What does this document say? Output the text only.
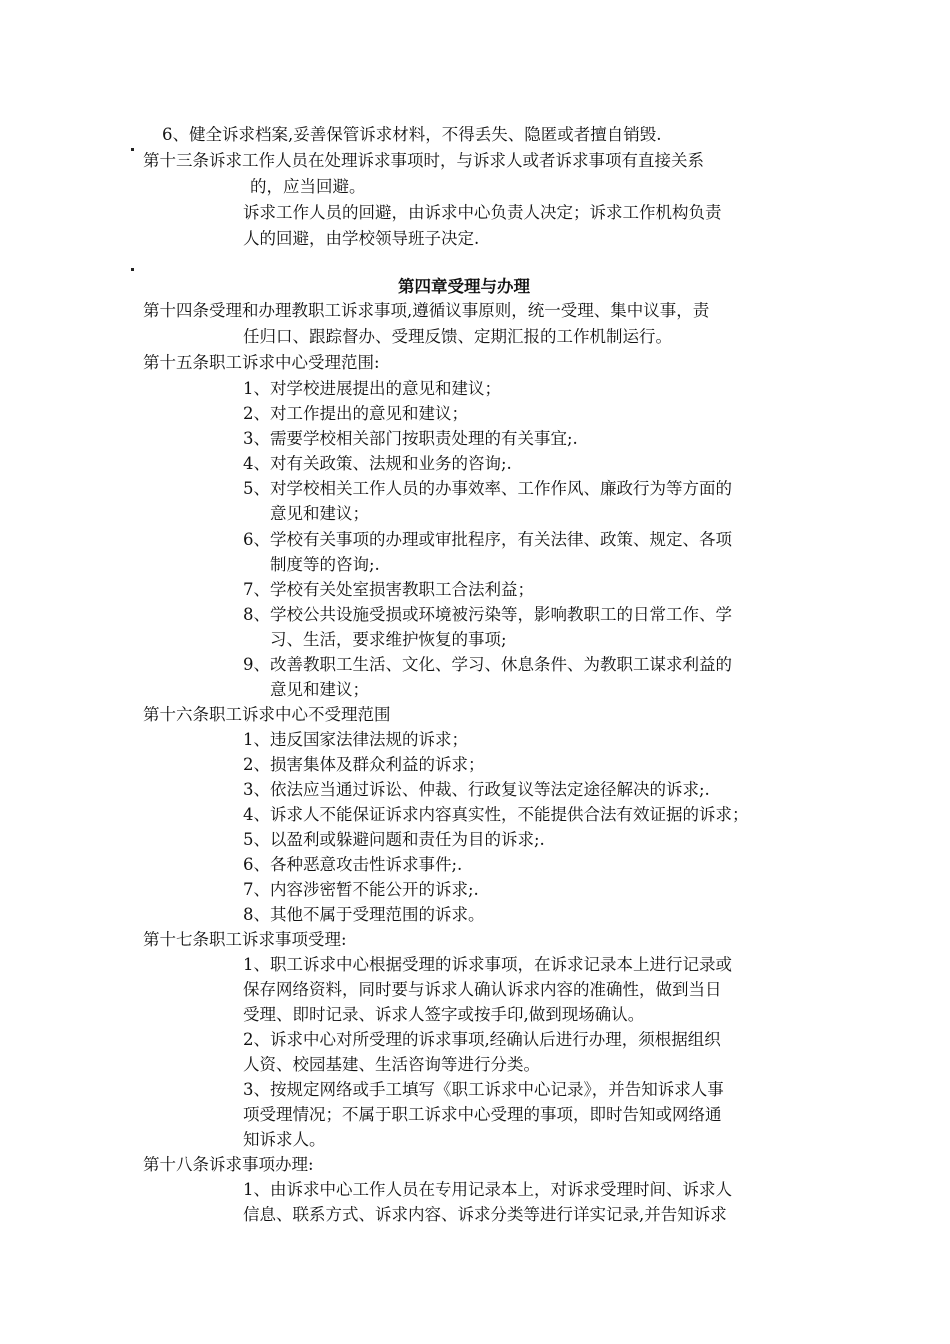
6、健全诉求档案,妥善保管诉求材料，不得丢失、隐匿或者擅自销毁.

第十三条诉求工作人员在处理诉求事项时，与诉求人或者诉求事项有直接关系

的，应当回避。

诉求工作人员的回避，由诉求中心负责人决定；诉求工作机构负责

人的回避，由学校领导班子决定.

第四章受理与办理

第十四条受理和办理教职工诉求事项,遵循议事原则，统一受理、集中议事，责

任归口、跟踪督办、受理反馈、定期汇报的工作机制运行。

第十五条职工诉求中心受理范围:

1、对学校进展提出的意见和建议；

2、对工作提出的意见和建议；

3、需要学校相关部门按职责处理的有关事宜;.

4、对有关政策、法规和业务的咨询;.

5、对学校相关工作人员的办事效率、工作作风、廉政行为等方面的

意见和建议；

6、学校有关事项的办理或审批程序，有关法律、政策、规定、各项

制度等的咨询;.

7、学校有关处室损害教职工合法利益；

8、学校公共设施受损或环境被污染等，影响教职工的日常工作、学

习、生活，要求维护恢复的事项;

9、改善教职工生活、文化、学习、休息条件、为教职工谋求利益的

意见和建议；

第十六条职工诉求中心不受理范围

1、违反国家法律法规的诉求；

2、损害集体及群众利益的诉求；

3、依法应当通过诉讼、仲裁、行政复议等法定途径解决的诉求;.

4、诉求人不能保证诉求内容真实性，不能提供合法有效证据的诉求；

5、以盈利或躲避问题和责任为目的诉求;.

6、各种恶意攻击性诉求事件;.

7、内容涉密暂不能公开的诉求;.

8、其他不属于受理范围的诉求。

第十七条职工诉求事项受理:

1、职工诉求中心根据受理的诉求事项，在诉求记录本上进行记录或

保存网络资料，同时要与诉求人确认诉求内容的准确性，做到当日

受理、即时记录、诉求人签字或按手印,做到现场确认。

2、诉求中心对所受理的诉求事项,经确认后进行办理，须根据组织

人资、校园基建、生活咨询等进行分类。

3、按规定网络或手工填写《职工诉求中心记录》，并告知诉求人事

项受理情况；不属于职工诉求中心受理的事项，即时告知或网络通

知诉求人。

第十八条诉求事项办理:

1、由诉求中心工作人员在专用记录本上，对诉求受理时间、诉求人

信息、联系方式、诉求内容、诉求分类等进行详实记录,并告知诉求
